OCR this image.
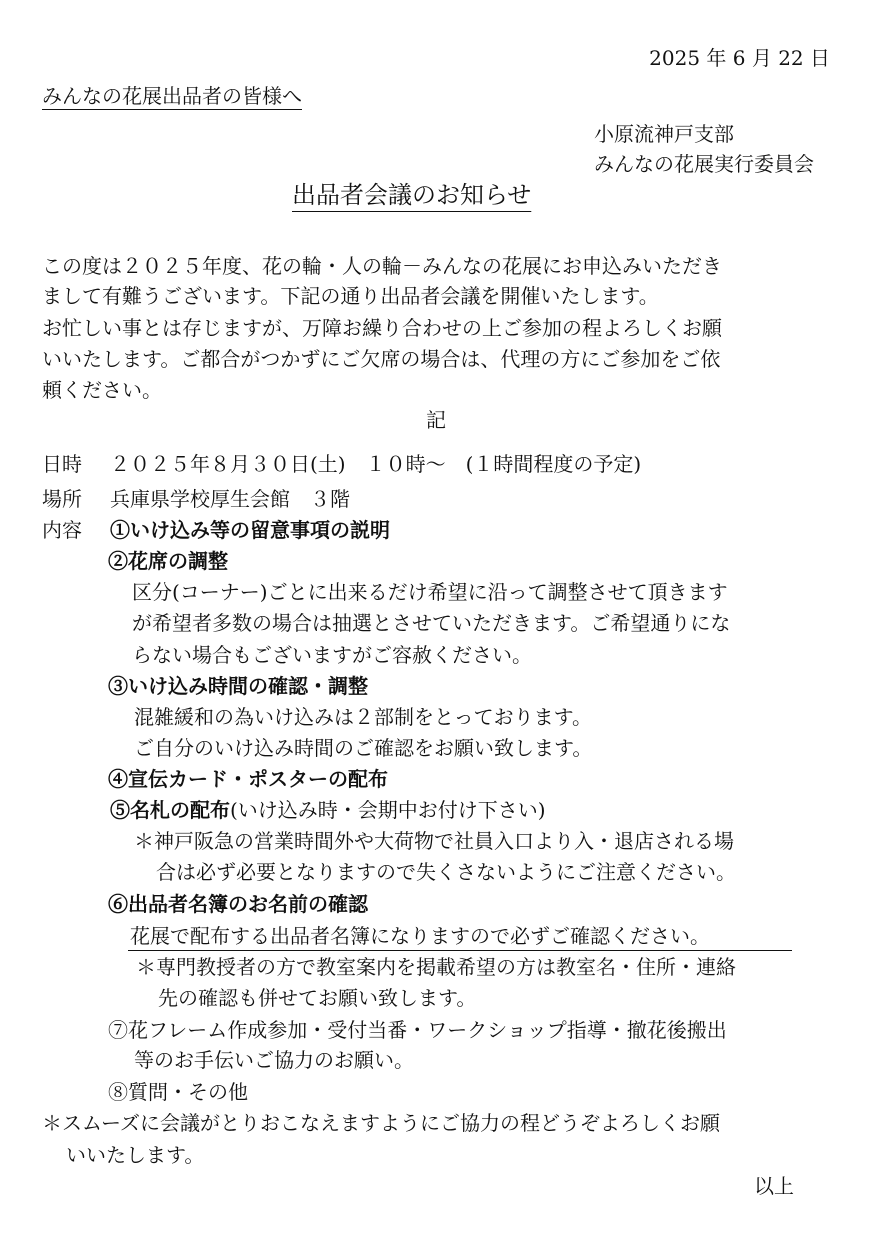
2025 年 6 月 22 日
みんなの花展出品者の皆様へ
小原流神戸支部
みんなの花展実行委員会
出品者会議のお知らせ
この度は２０２５年度、花の輪・人の輪－みんなの花展にお申込みいただき
まして有難うございます。下記の通り出品者会議を開催いたします。
お忙しい事とは存じますが、万障お繰り合わせの上ご参加の程よろしくお願
いいたします。ご都合がつかずにご欠席の場合は、代理の方にご参加をご依
頼ください。
記
日時 ２０２５年８月３０日(土)　１０時～　(１時間程度の予定)
場所 兵庫県学校厚生会館　３階
内容 ①いけ込み等の留意事項の説明
②花席の調整
区分(コーナー)ごとに出来るだけ希望に沿って調整させて頂きます
が希望者多数の場合は抽選とさせていただきます。ご希望通りにな
らない場合もございますがご容赦ください。
③いけ込み時間の確認・調整
混雑緩和の為いけ込みは２部制をとっております。
ご自分のいけ込み時間のご確認をお願い致します。
④宣伝カード・ポスターの配布
⑤名札の配布(いけ込み時・会期中お付け下さい)
＊神戸阪急の営業時間外や大荷物で社員入口より入・退店される場
合は必ず必要となりますので失くさないようにご注意ください。
⑥出品者名簿のお名前の確認
花展で配布する出品者名簿になりますので必ずご確認ください。
＊専門教授者の方で教室案内を掲載希望の方は教室名・住所・連絡
先の確認も併せてお願い致します。
⑦花フレーム作成参加・受付当番・ワークショップ指導・撤花後搬出
等のお手伝いご協力のお願い。
⑧質問・その他
＊スムーズに会議がとりおこなえますようにご協力の程どうぞよろしくお願
いいたします。
以上
